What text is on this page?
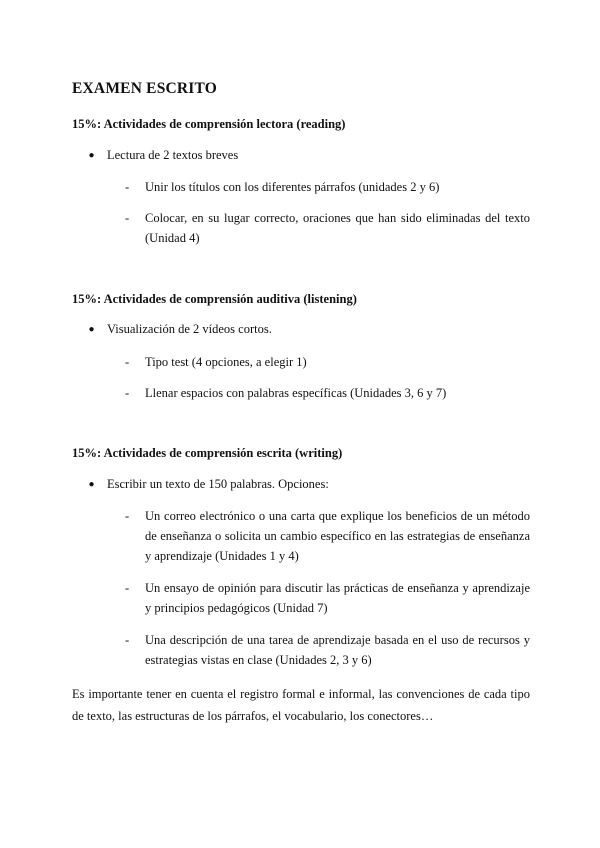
EXAMEN ESCRITO
15%: Actividades de comprensión lectora (reading)
● Lectura de 2 textos breves
-	Unir los títulos con los diferentes párrafos (unidades 2 y 6)
-	Colocar, en su lugar correcto, oraciones que han sido eliminadas del texto (Unidad 4)
15%: Actividades de comprensión auditiva (listening)
● Visualización de 2 vídeos cortos.
-	Tipo test (4 opciones, a elegir 1)
-	Llenar espacios con palabras específicas (Unidades 3, 6 y 7)
15%: Actividades de comprensión escrita (writing)
● Escribir un texto de 150 palabras. Opciones:
-	Un correo electrónico o una carta que explique los beneficios de un método de enseñanza o solicita un cambio específico en las estrategias de enseñanza y aprendizaje (Unidades 1 y 4)
-	Un ensayo de opinión para discutir las prácticas de enseñanza y aprendizaje y principios pedagógicos (Unidad 7)
-	Una descripción de una tarea de aprendizaje basada en el uso de recursos y estrategias vistas en clase (Unidades 2, 3 y 6)
Es importante tener en cuenta el registro formal e informal, las convenciones de cada tipo de texto, las estructuras de los párrafos, el vocabulario, los conectores…
